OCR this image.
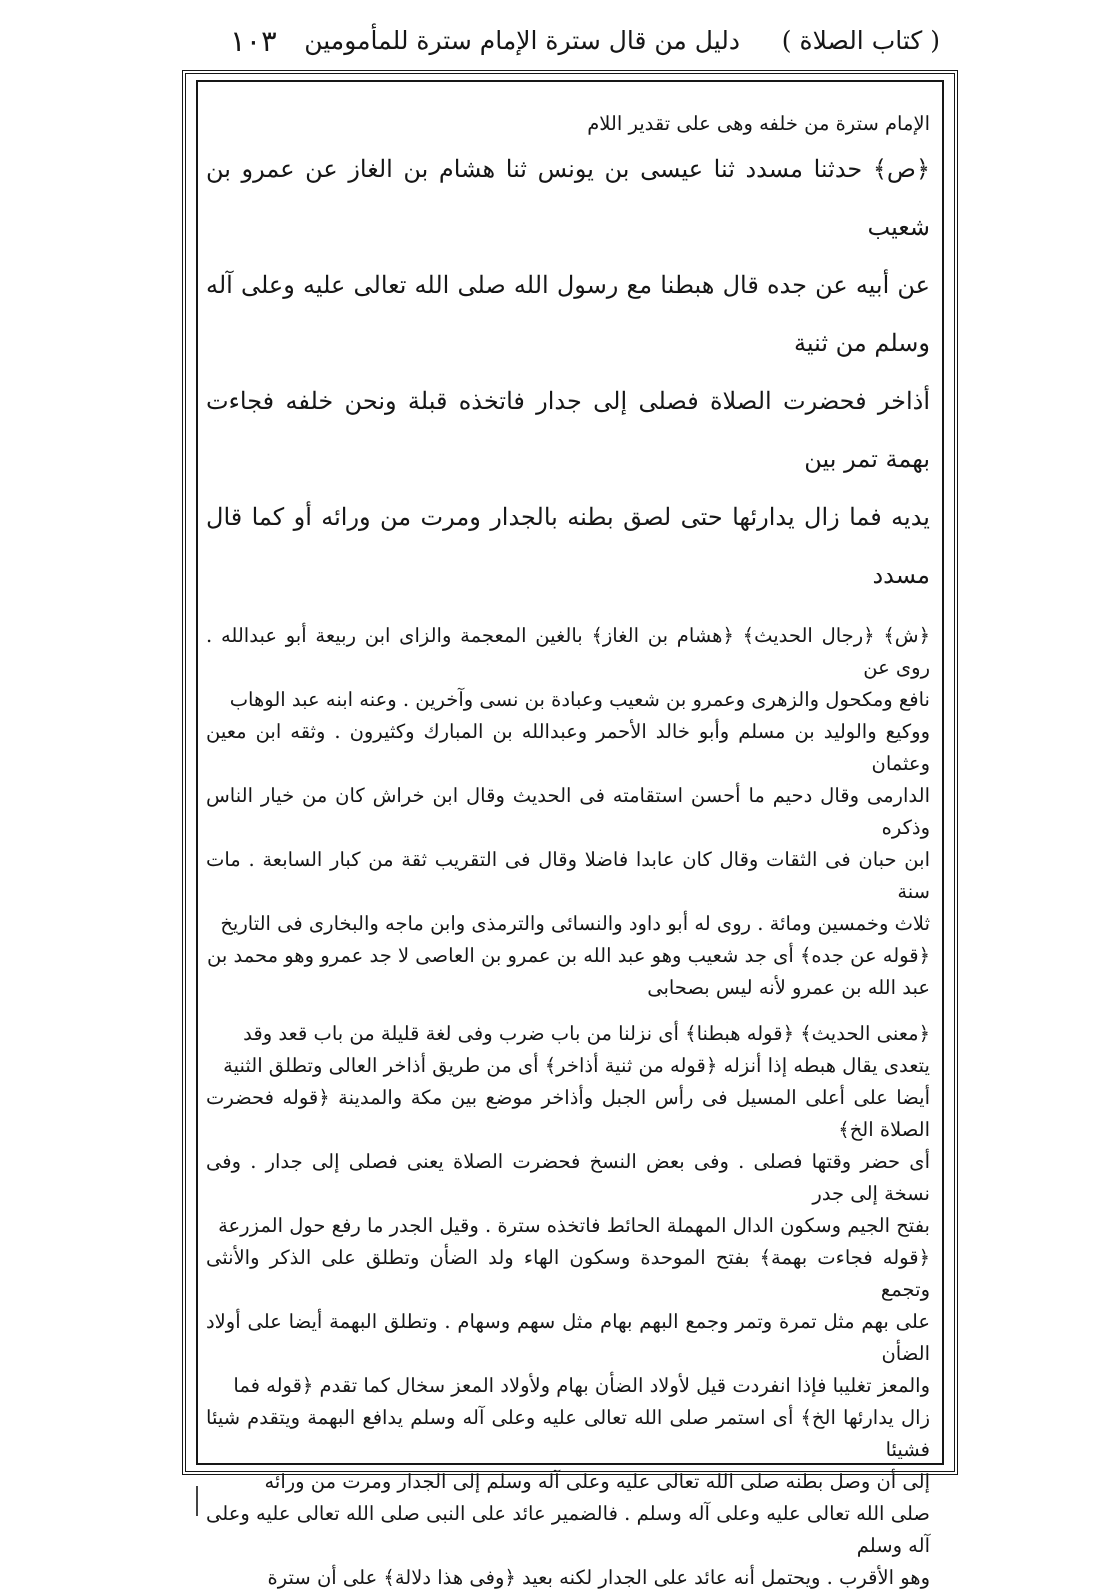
( كتاب الصلاة )
دليل من قال سترة الإمام سترة للمأمومين
١٠٣

الإمام سترة من خلفه وهى على تقدير اللام

﴿ص﴾ حدثنا مسدد ثنا عيسى بن يونس ثنا هشام بن الغاز عن عمرو بن شعيب

عن أبيه عن جده قال هبطنا مع رسول الله صلى الله تعالى عليه وعلى آله وسلم من ثنية

أذاخر فحضرت الصلاة فصلى إلى جدار فاتخذه قبلة ونحن خلفه فجاءت بهمة تمر بين

يديه فما زال يدارئها حتى لصق بطنه بالجدار ومرت من ورائه أو كما قال مسدد

﴿ش﴾ ﴿رجال الحديث﴾ ﴿هشام بن الغاز﴾ بالغين المعجمة والزاى ابن ربيعة أبو عبدالله . روى عن

نافع ومكحول والزهرى وعمرو بن شعيب وعبادة بن نسى وآخرين . وعنه ابنه عبد الوهاب

ووكيع والوليد بن مسلم وأبو خالد الأحمر وعبدالله بن المبارك وكثيرون . وثقه ابن معين وعثمان

الدارمى وقال دحيم ما أحسن استقامته فى الحديث وقال ابن خراش كان من خيار الناس وذكره

ابن حبان فى الثقات وقال كان عابدا فاضلا وقال فى التقريب ثقة من كبار السابعة . مات سنة

ثلاث وخمسين ومائة . روى له أبو داود والنسائى والترمذى وابن ماجه والبخارى فى التاريخ

﴿قوله عن جده﴾ أى جد شعيب وهو عبد الله بن عمرو بن العاصى لا جد عمرو وهو محمد بن

عبد الله بن عمرو لأنه ليس بصحابى

﴿معنى الحديث﴾ ﴿قوله هبطنا﴾ أى نزلنا من باب ضرب وفى لغة قليلة من باب قعد وقد

يتعدى يقال هبطه إذا أنزله ﴿قوله من ثنية أذاخر﴾ أى من طريق أذاخر العالى وتطلق الثنية

أيضا على أعلى المسيل فى رأس الجبل وأذاخر موضع بين مكة والمدينة ﴿قوله فحضرت الصلاة الخ﴾

أى حضر وقتها فصلى . وفى بعض النسخ فحضرت الصلاة يعنى فصلى إلى جدار . وفى نسخة إلى جدر

بفتح الجيم وسكون الدال المهملة الحائط فاتخذه سترة . وقيل الجدر ما رفع حول المزرعة

﴿قوله فجاءت بهمة﴾ بفتح الموحدة وسكون الهاء ولد الضأن وتطلق على الذكر والأنثى وتجمع

على بهم مثل تمرة وتمر وجمع البهم بهام مثل سهم وسهام . وتطلق البهمة أيضا على أولاد الضأن

والمعز تغليبا فإذا انفردت قيل لأولاد الضأن بهام ولأولاد المعز سخال كما تقدم ﴿قوله فما

زال يدارئها الخ﴾ أى استمر صلى الله تعالى عليه وعلى آله وسلم يدافع البهمة ويتقدم شيئا فشيئا

إلى أن وصل بطنه صلى الله تعالى عليه وعلى آله وسلم إلى الجدار ومرت من ورائه

صلى الله تعالى عليه وعلى آله وسلم . فالضمير عائد على النبى صلى الله تعالى عليه وعلى آله وسلم

وهو الأقرب . ويحتمل أنه عائد على الجدار لكنه بعيد ﴿وفى هذا دلالة﴾ على أن سترة
